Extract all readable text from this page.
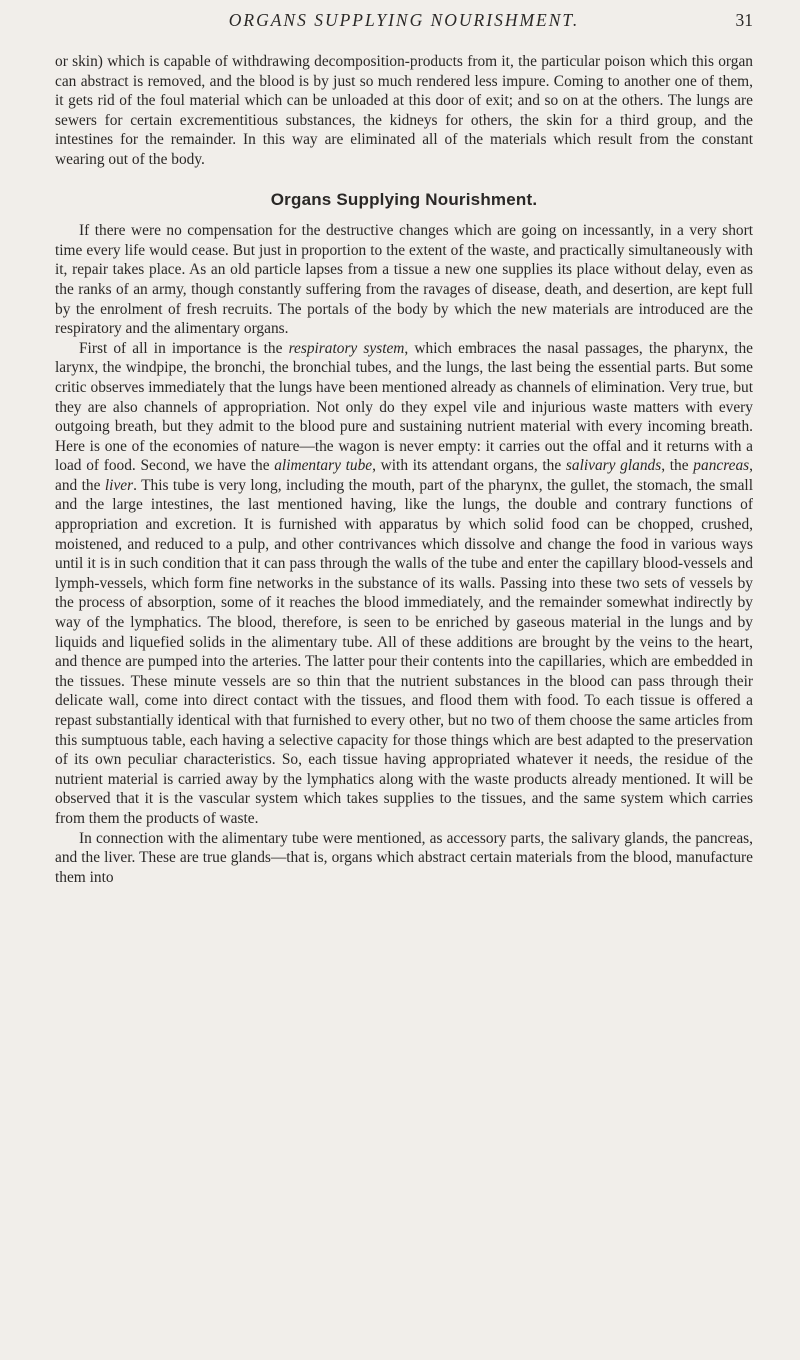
ORGANS SUPPLYING NOURISHMENT.	31

or skin) which is capable of withdrawing decomposition-products from it, the particular poison which this organ can abstract is removed, and the blood is by just so much rendered less impure. Coming to another one of them, it gets rid of the foul material which can be unloaded at this door of exit; and so on at the others. The lungs are sewers for certain excrementitious substances, the kidneys for others, the skin for a third group, and the intestines for the remainder. In this way are eliminated all of the materials which result from the constant wearing out of the body.

Organs Supplying Nourishment.

If there were no compensation for the destructive changes which are going on incessantly, in a very short time every life would cease. But just in proportion to the extent of the waste, and practically simultaneously with it, repair takes place. As an old particle lapses from a tissue a new one supplies its place without delay, even as the ranks of an army, though constantly suffering from the ravages of disease, death, and desertion, are kept full by the enrolment of fresh recruits. The portals of the body by which the new materials are introduced are the respiratory and the alimentary organs.

First of all in importance is the respiratory system, which embraces the nasal passages, the pharynx, the larynx, the windpipe, the bronchi, the bronchial tubes, and the lungs, the last being the essential parts. But some critic observes immediately that the lungs have been mentioned already as channels of elimination. Very true, but they are also channels of appropriation. Not only do they expel vile and injurious waste matters with every outgoing breath, but they admit to the blood pure and sustaining nutrient material with every incoming breath. Here is one of the economies of nature—the wagon is never empty: it carries out the offal and it returns with a load of food. Second, we have the alimentary tube, with its attendant organs, the salivary glands, the pancreas, and the liver. This tube is very long, including the mouth, part of the pharynx, the gullet, the stomach, the small and the large intestines, the last mentioned having, like the lungs, the double and contrary functions of appropriation and excretion. It is furnished with apparatus by which solid food can be chopped, crushed, moistened, and reduced to a pulp, and other contrivances which dissolve and change the food in various ways until it is in such condition that it can pass through the walls of the tube and enter the capillary blood-vessels and lymph-vessels, which form fine networks in the substance of its walls. Passing into these two sets of vessels by the process of absorption, some of it reaches the blood immediately, and the remainder somewhat indirectly by way of the lymphatics. The blood, therefore, is seen to be enriched by gaseous material in the lungs and by liquids and liquefied solids in the alimentary tube. All of these additions are brought by the veins to the heart, and thence are pumped into the arteries. The latter pour their contents into the capillaries, which are embedded in the tissues. These minute vessels are so thin that the nutrient substances in the blood can pass through their delicate wall, come into direct contact with the tissues, and flood them with food. To each tissue is offered a repast substantially identical with that furnished to every other, but no two of them choose the same articles from this sumptuous table, each having a selective capacity for those things which are best adapted to the preservation of its own peculiar characteristics. So, each tissue having appropriated whatever it needs, the residue of the nutrient material is carried away by the lymphatics along with the waste products already mentioned. It will be observed that it is the vascular system which takes supplies to the tissues, and the same system which carries from them the products of waste.

In connection with the alimentary tube were mentioned, as accessory parts, the salivary glands, the pancreas, and the liver. These are true glands—that is, organs which abstract certain materials from the blood, manufacture them into
